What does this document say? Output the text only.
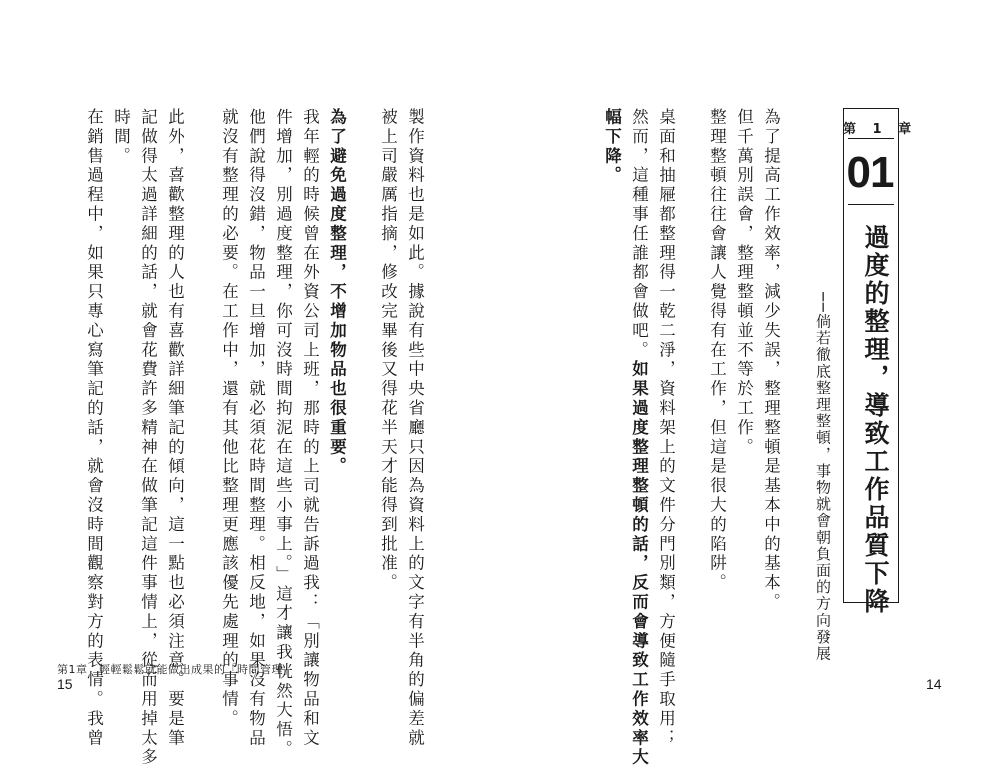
第 1 章
01
過度的整理，導致工作品質下降
──倘若徹底整理整頓，事物就會朝負面的方向發展
為了提高工作效率，減少失誤，整理整頓是基本中的基本。
但千萬別誤會，整理整頓並不等於工作。
整理整頓往往會讓人覺得有在工作，但這是很大的陷阱。
桌面和抽屜都整理得一乾二淨，資料架上的文件分門別類，方便隨手取用；
然而，這種事任誰都會做吧。如果過度整理整頓的話，反而會導致工作效率大
幅下降。
製作資料也是如此。據說有些中央省廳只因為資料上的文字有半角的偏差就
被上司嚴厲指摘，修改完畢後又得花半天才能得到批准。
為了避免過度整理，不增加物品也很重要。
我年輕的時候曾在外資公司上班，那時的上司就告訴過我：「別讓物品和文
件增加，別過度整理，你可沒時間拘泥在這些小事上。」這才讓我恍然大悟。
他們說得沒錯，物品一旦增加，就必須花時間整理。相反地，如果沒有物品
就沒有整理的必要。在工作中，還有其他比整理更應該優先處理的事情。
此外，喜歡整理的人也有喜歡詳細筆記的傾向，這一點也必須注意。要是筆
記做得太過詳細的話，就會花費許多精神在做筆記這件事情上，從而用掉太多
時間。
在銷售過程中，如果只專心寫筆記的話，就會沒時間觀察對方的表情。我曾
第1章　輕輕鬆鬆就能做出成果的「時間管理」
15	14
